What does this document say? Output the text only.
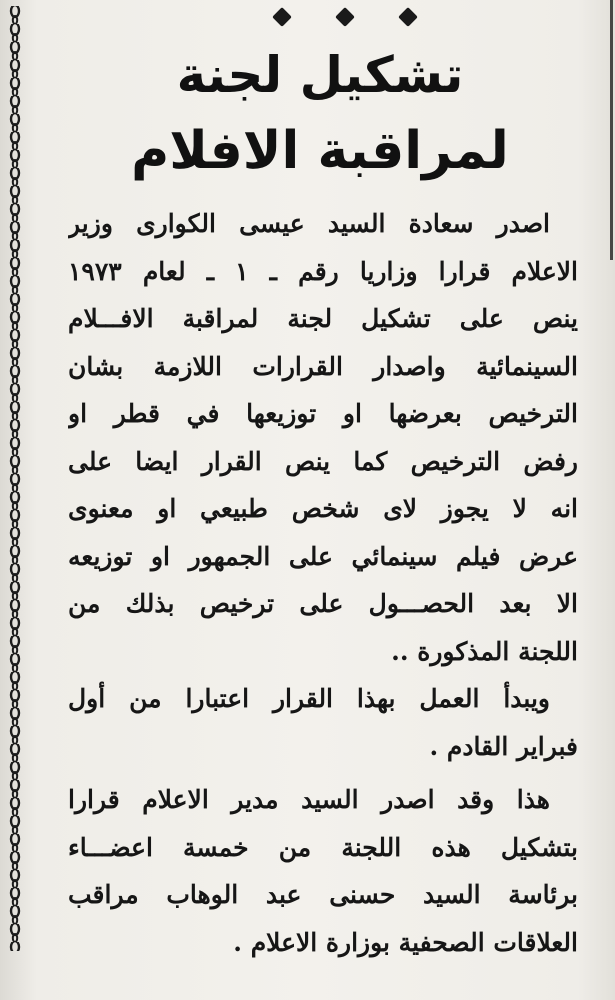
تشكيل لجنة
لمراقبة الافلام
اصدر سعادة السيد عيسى الكوارى وزير
الاعلام قرارا وزاريا رقم ـ ١ ـ لعام ١٩٧٣
ينص على تشكيل لجنة لمراقبة الافـــلام
السينمائية واصدار القرارات اللازمة بشان
الترخيص بعرضها او توزيعها في قطر او
رفض الترخيص كما ينص القرار ايضا على
انه لا يجوز لاى شخص طبيعي او معنوى
عرض فيلم سينمائي على الجمهور او توزيعه
الا بعد الحصـــول على ترخيص بذلك من
اللجنة المذكورة ..
ويبدأ العمل بهذا القرار اعتبارا من أول
فبراير القادم .
هذا وقد اصدر السيد مدير الاعلام قرارا
بتشكيل هذه اللجنة من خمسة اعضـــاء
برئاسة السيد حسنى عبد الوهاب مراقب
العلاقات الصحفية بوزارة الاعلام .
